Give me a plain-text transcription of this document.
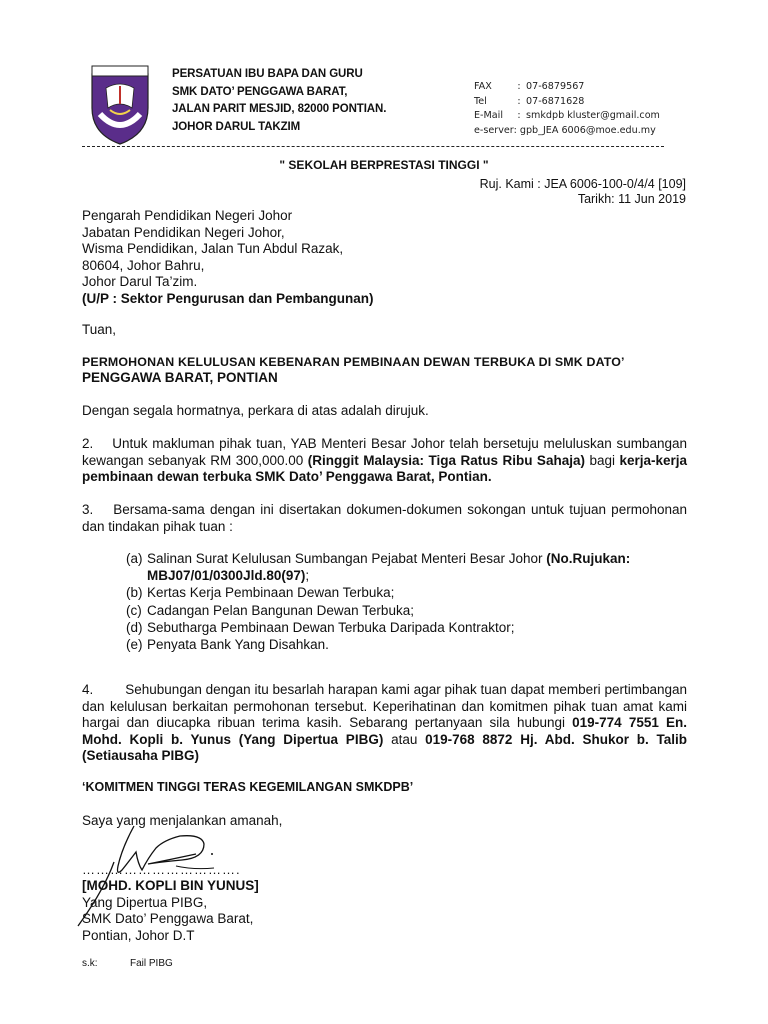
PERSATUAN IBU BAPA DAN GURU
SMK DATO’ PENGGAWA BARAT,
JALAN PARIT MESJID, 82000 PONTIAN.
JOHOR DARUL TAKZIM
FAX	: 07-6879567
Tel	: 07-6871628
E-Mail : smkdpb kluster@gmail.com
e-server: gpb_JEA 6006@moe.edu.my
" SEKOLAH BERPRESTASI TINGGI "
Ruj. Kami : JEA 6006-100-0/4/4 [109]
Tarikh: 11 Jun 2019
Pengarah Pendidikan Negeri Johor
Jabatan Pendidikan Negeri Johor,
Wisma Pendidikan, Jalan Tun Abdul Razak,
80604, Johor Bahru,
Johor Darul Ta’zim.
(U/P : Sektor Pengurusan dan Pembangunan)
Tuan,
PERMOHONAN KELULUSAN KEBENARAN PEMBINAAN DEWAN TERBUKA DI SMK DATO’
PENGGAWA BARAT, PONTIAN
Dengan segala hormatnya, perkara di atas adalah dirujuk.
2. Untuk makluman pihak tuan, YAB Menteri Besar Johor telah bersetuju meluluskan sumbangan kewangan sebanyak RM 300,000.00 (Ringgit Malaysia: Tiga Ratus Ribu Sahaja) bagi kerja-kerja pembinaan dewan terbuka SMK Dato’ Penggawa Barat, Pontian.
3. Bersama-sama dengan ini disertakan dokumen-dokumen sokongan untuk tujuan permohonan dan tindakan pihak tuan :
(a) Salinan Surat Kelulusan Sumbangan Pejabat Menteri Besar Johor (No.Rujukan:
MBJ07/01/0300Jld.80(97);
(b) Kertas Kerja Pembinaan Dewan Terbuka;
(c) Cadangan Pelan Bangunan Dewan Terbuka;
(d) Sebutharga Pembinaan Dewan Terbuka Daripada Kontraktor;
(e) Penyata Bank Yang Disahkan.
4. Sehubungan dengan itu besarlah harapan kami agar pihak tuan dapat memberi pertimbangan dan kelulusan berkaitan permohonan tersebut. Keperihatinan dan komitmen pihak tuan amat kami hargai dan diucapka ribuan terima kasih. Sebarang pertanyaan sila hubungi 019-774 7551 En. Mohd. Kopli b. Yunus (Yang Dipertua PIBG) atau 019-768 8872 Hj. Abd. Shukor b. Talib (Setiausaha PIBG)
‘KOMITMEN TINGGI TERAS KEGEMILANGAN SMKDPB’
Saya yang menjalankan amanah,
…………………………….
[MOHD. KOPLI BIN YUNUS]
Yang Dipertua PIBG,
SMK Dato’ Penggawa Barat,
Pontian, Johor D.T
s.k:	Fail PIBG
